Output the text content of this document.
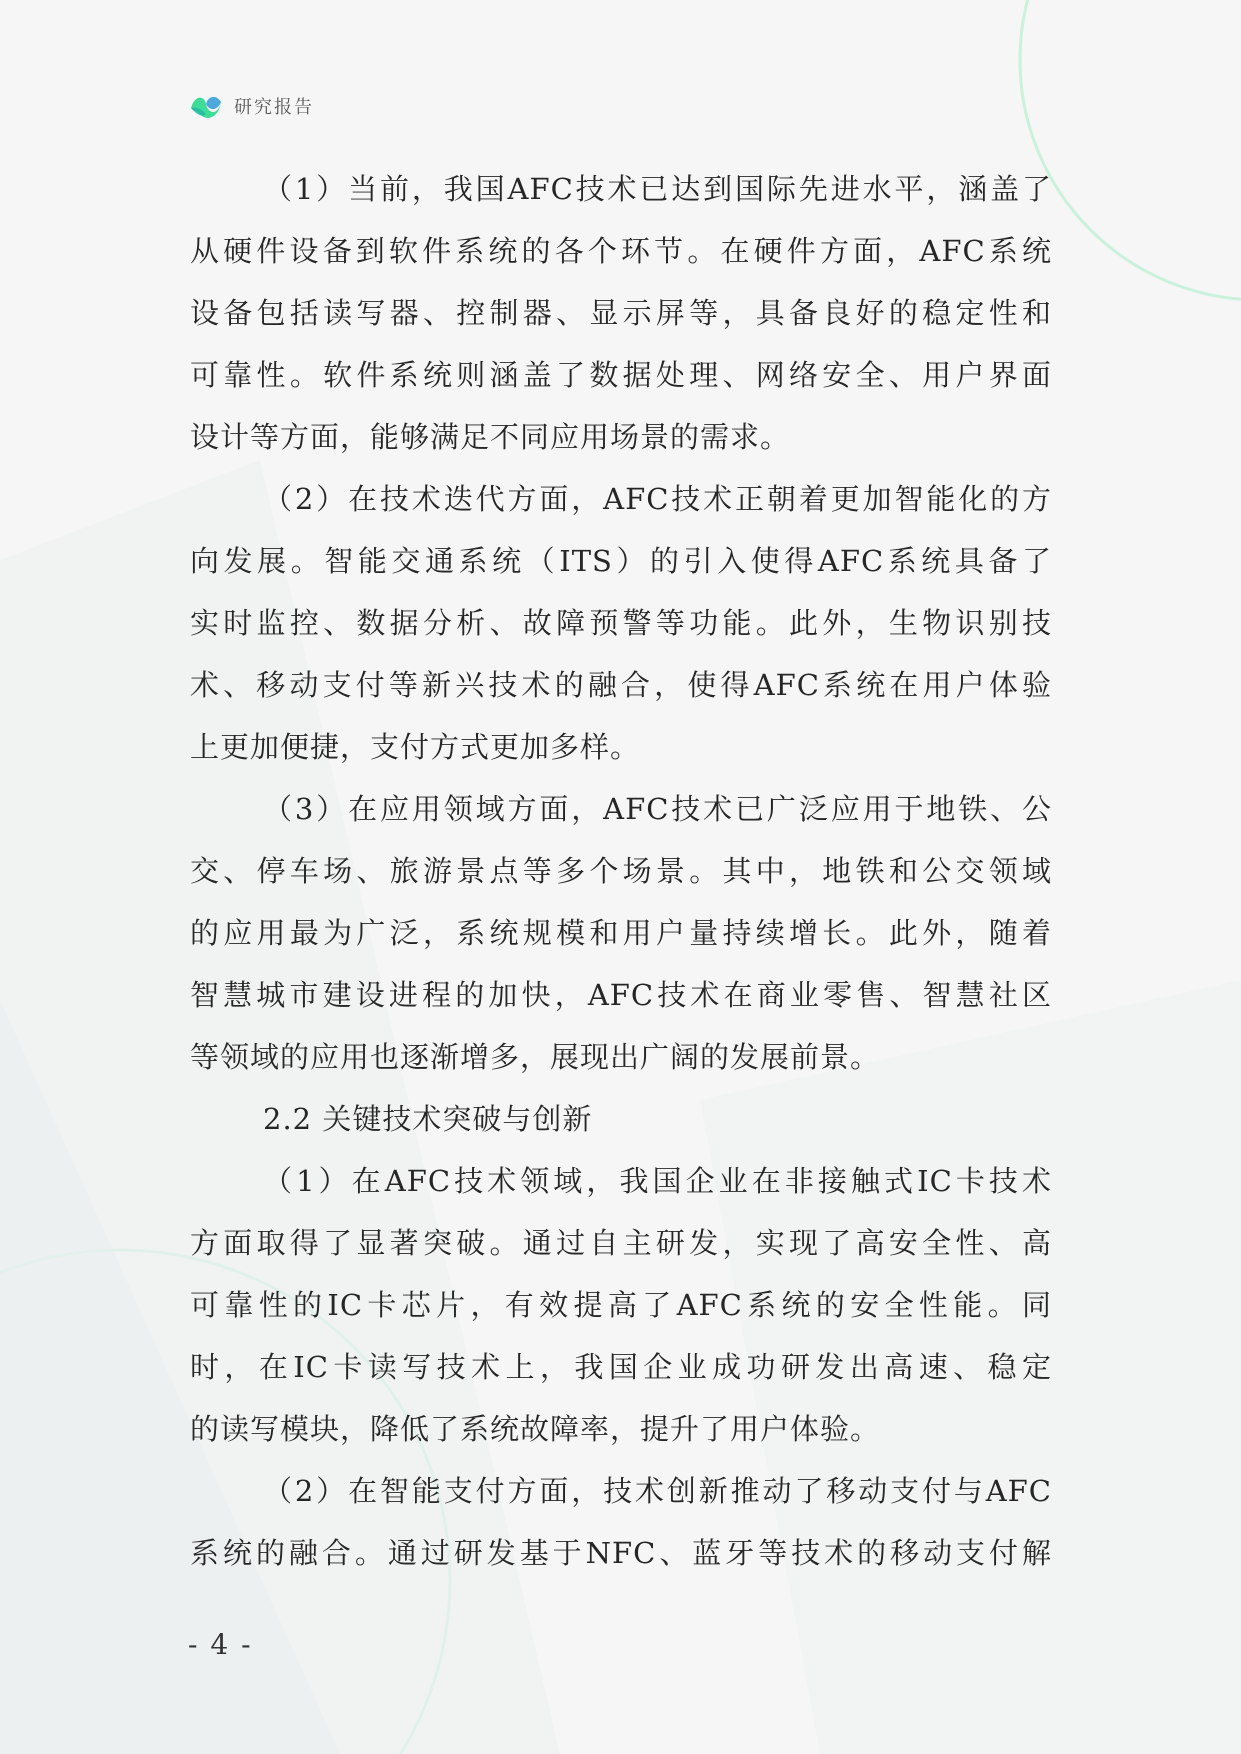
研究报告
（1）当前，我国AFC技术已达到国际先进水平，涵盖了
从硬件设备到软件系统的各个环节。在硬件方面，AFC系统
设备包括读写器、控制器、显示屏等，具备良好的稳定性和
可靠性。软件系统则涵盖了数据处理、网络安全、用户界面
设计等方面，能够满足不同应用场景的需求。
（2）在技术迭代方面，AFC技术正朝着更加智能化的方
向发展。智能交通系统（ITS）的引入使得AFC系统具备了
实时监控、数据分析、故障预警等功能。此外，生物识别技
术、移动支付等新兴技术的融合，使得AFC系统在用户体验
上更加便捷，支付方式更加多样。
（3）在应用领域方面，AFC技术已广泛应用于地铁、公
交、停车场、旅游景点等多个场景。其中，地铁和公交领域
的应用最为广泛，系统规模和用户量持续增长。此外，随着
智慧城市建设进程的加快，AFC技术在商业零售、智慧社区
等领域的应用也逐渐增多，展现出广阔的发展前景。
2.2 关键技术突破与创新
（1）在AFC技术领域，我国企业在非接触式IC卡技术
方面取得了显著突破。通过自主研发，实现了高安全性、高
可靠性的IC卡芯片，有效提高了AFC系统的安全性能。同
时，在IC卡读写技术上，我国企业成功研发出高速、稳定
的读写模块，降低了系统故障率，提升了用户体验。
（2）在智能支付方面，技术创新推动了移动支付与AFC
系统的融合。通过研发基于NFC、蓝牙等技术的移动支付解
- 4 -
